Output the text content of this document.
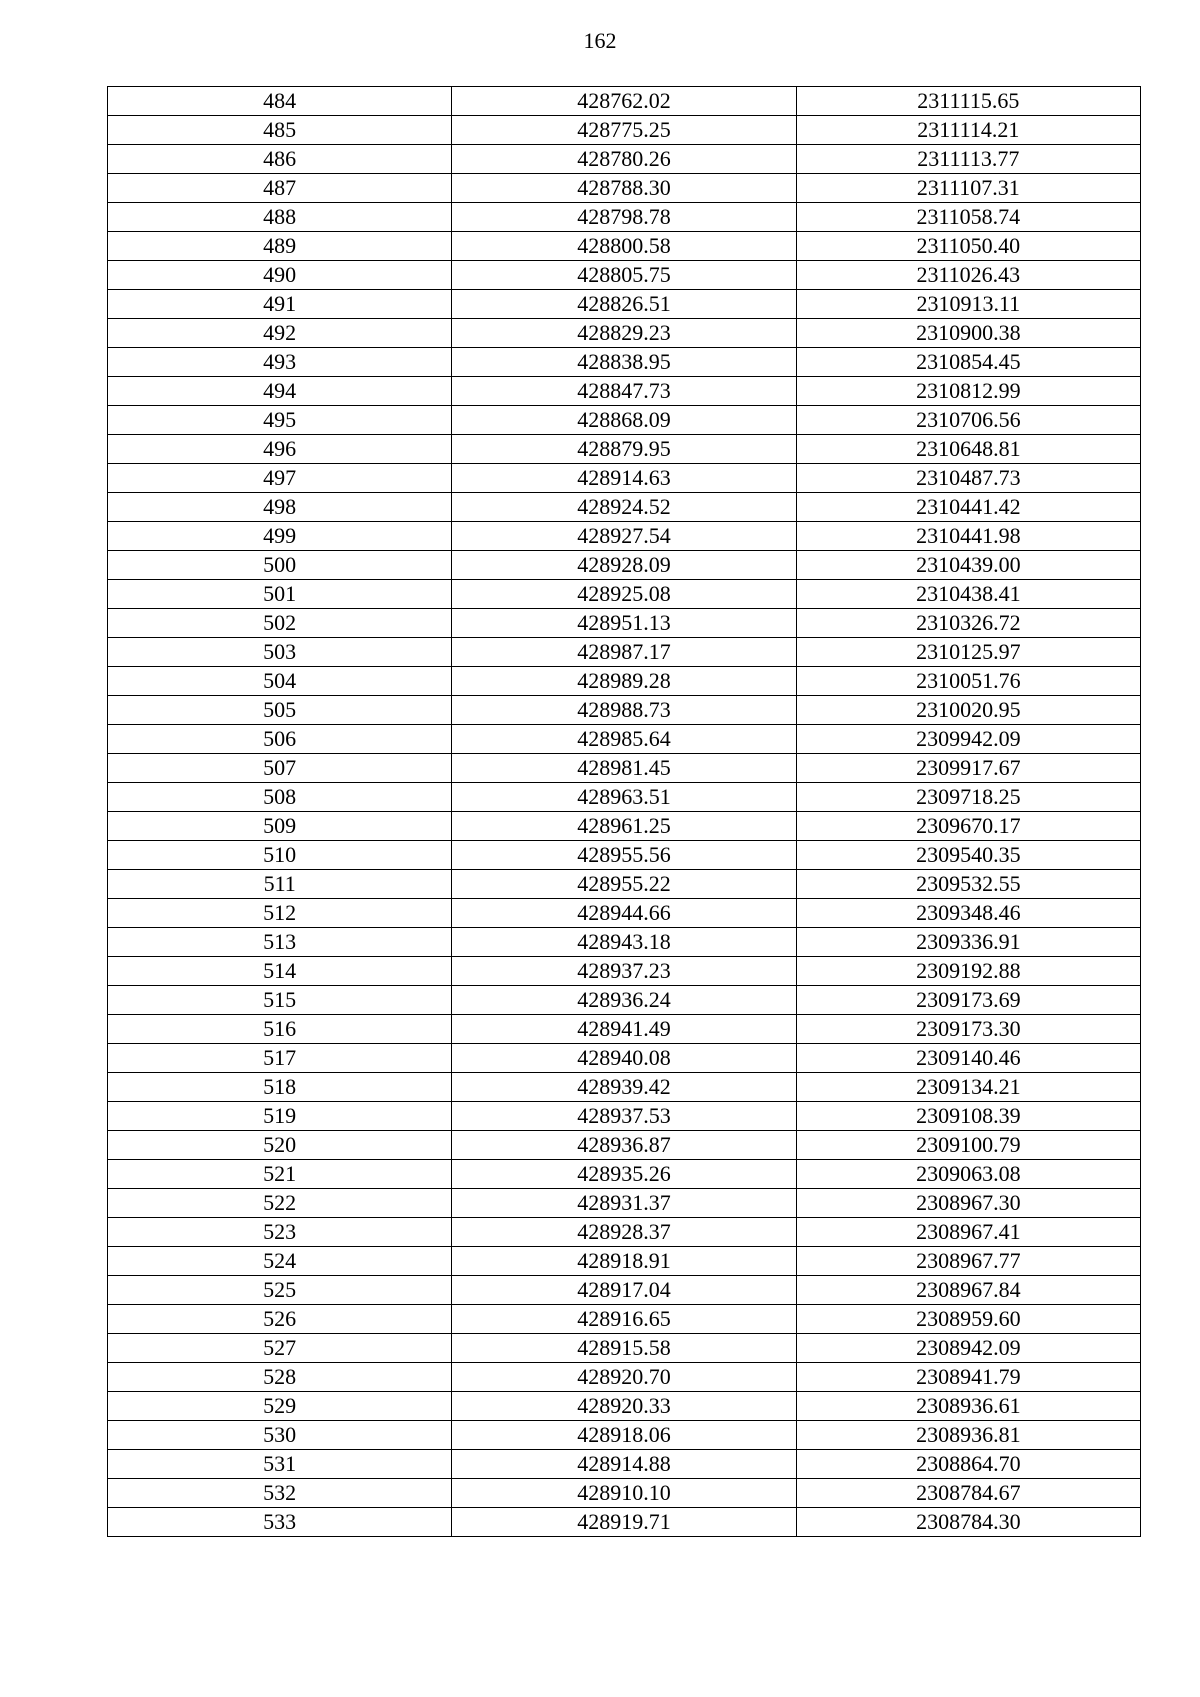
162
484	428762.02	2311115.65
485	428775.25	2311114.21
486	428780.26	2311113.77
487	428788.30	2311107.31
488	428798.78	2311058.74
489	428800.58	2311050.40
490	428805.75	2311026.43
491	428826.51	2310913.11
492	428829.23	2310900.38
493	428838.95	2310854.45
494	428847.73	2310812.99
495	428868.09	2310706.56
496	428879.95	2310648.81
497	428914.63	2310487.73
498	428924.52	2310441.42
499	428927.54	2310441.98
500	428928.09	2310439.00
501	428925.08	2310438.41
502	428951.13	2310326.72
503	428987.17	2310125.97
504	428989.28	2310051.76
505	428988.73	2310020.95
506	428985.64	2309942.09
507	428981.45	2309917.67
508	428963.51	2309718.25
509	428961.25	2309670.17
510	428955.56	2309540.35
511	428955.22	2309532.55
512	428944.66	2309348.46
513	428943.18	2309336.91
514	428937.23	2309192.88
515	428936.24	2309173.69
516	428941.49	2309173.30
517	428940.08	2309140.46
518	428939.42	2309134.21
519	428937.53	2309108.39
520	428936.87	2309100.79
521	428935.26	2309063.08
522	428931.37	2308967.30
523	428928.37	2308967.41
524	428918.91	2308967.77
525	428917.04	2308967.84
526	428916.65	2308959.60
527	428915.58	2308942.09
528	428920.70	2308941.79
529	428920.33	2308936.61
530	428918.06	2308936.81
531	428914.88	2308864.70
532	428910.10	2308784.67
533	428919.71	2308784.30
